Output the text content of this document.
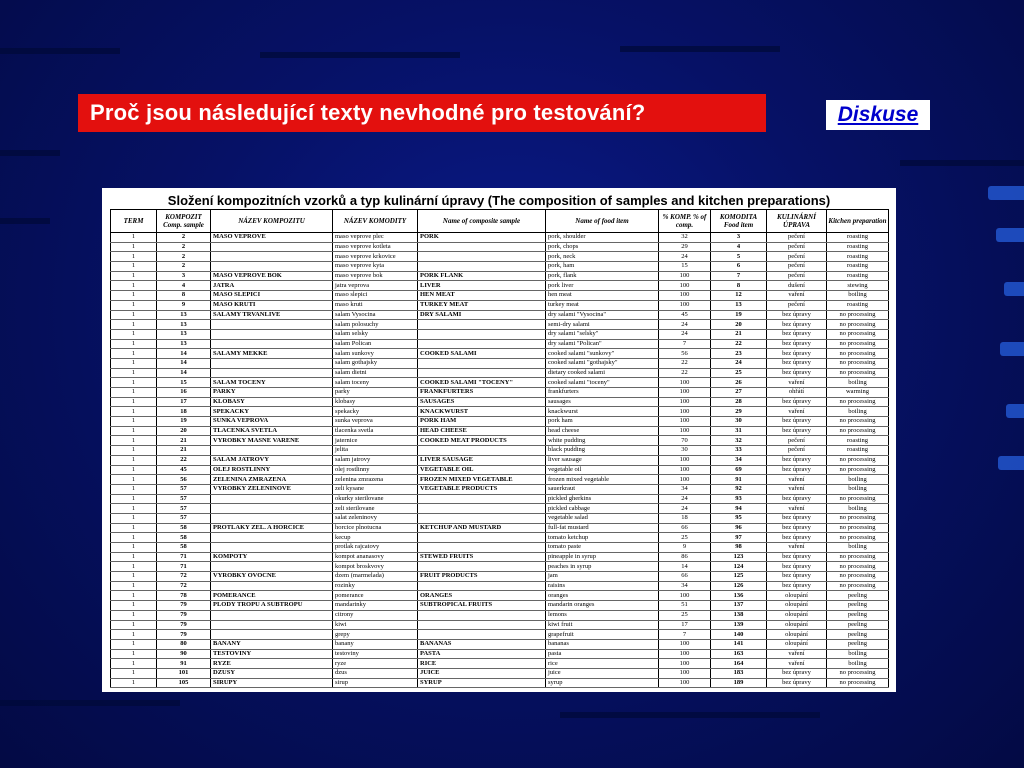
Proč jsou následující texty nevhodné pro testování?	Diskuse
Složení kompozitních vzorků a typ kulinární úpravy (The composition of samples and kitchen preparations)
TERM	KOMPOZIT Comp. sample	NÁZEV KOMPOZITU	NÁZEV KOMODITY	Name of composite sample	Name of food item	% KOMP. % of comp.	KOMODITA Food item	KULINÁRNÍ ÚPRAVA	Kitchen preparation
1	2	MASO VEPROVE	maso veprove plec	PORK	pork, shoulder	32	3	pečení	roasting
1	2		maso veprove kotleta		pork, chops	29	4	pečení	roasting
1	2		maso veprove krkovice		pork, neck	24	5	pečení	roasting
1	2		maso veprove kyta		pork, ham	15	6	pečení	roasting
1	3	MASO VEPROVE BOK	maso veprove bok	PORK FLANK	pork, flank	100	7	pečení	roasting
1	4	JATRA	jatra veprova	LIVER	pork liver	100	8	dušení	stewing
1	8	MASO SLEPICI	maso slepici	HEN MEAT	hen meat	100	12	vaření	boiling
1	9	MASO KRUTI	maso kruti	TURKEY MEAT	turkey meat	100	13	pečení	roasting
1	13	SALAMY TRVANLIVE	salam Vysocina	DRY SALAMI	dry salami "Vysocina"	45	19	bez úpravy	no processing
1	13		salam polosuchy		semi-dry salami	24	20	bez úpravy	no processing
1	13		salam selsky		dry salami "selsky"	24	21	bez úpravy	no processing
1	13		salam Polican		dry salami "Polican"	7	22	bez úpravy	no processing
1	14	SALAMY MEKKE	salam sunkovy	COOKED SALAMI	cooked salami "sunkovy"	56	23	bez úpravy	no processing
1	14		salam gothajsky		cooked salami "gothajsky"	22	24	bez úpravy	no processing
1	14		salam dietni		dietary cooked salami	22	25	bez úpravy	no processing
1	15	SALAM TOCENY	salam toceny	COOKED SALAMI "TOCENY"	cooked salami "toceny"	100	26	vaření	boiling
1	16	PARKY	parky	FRANKFURTERS	frankfurters	100	27	ohřátí	warming
1	17	KLOBASY	klobasy	SAUSAGES	sausages	100	28	bez úpravy	no processing
1	18	SPEKACKY	spekacky	KNACKWURST	knackwurst	100	29	vaření	boiling
1	19	SUNKA VEPROVA	sunka veprova	PORK HAM	pork ham	100	30	bez úpravy	no processing
1	20	TLACENKA SVETLA	tlacenka svetla	HEAD CHEESE	head cheese	100	31	bez úpravy	no processing
1	21	VYROBKY MASNE VARENE	jaternice	COOKED MEAT PRODUCTS	white pudding	70	32	pečení	roasting
1	21		jelita		black pudding	30	33	pečení	roasting
1	22	SALAM JATROVY	salam jatrovy	LIVER SAUSAGE	liver sausage	100	34	bez úpravy	no processing
1	45	OLEJ ROSTLINNY	olej rostlinny	VEGETABLE OIL	vegetable oil	100	69	bez úpravy	no processing
1	56	ZELENINA ZMRAZENA	zelenina zmrazena	FROZEN MIXED VEGETABLE	frozen mixed vegetable	100	91	vaření	boiling
1	57	VYROBKY ZELENINOVE	zeli kysane	VEGETABLE PRODUCTS	sauerkraut	34	92	vaření	boiling
1	57		okurky sterilovane		pickled gherkins	24	93	bez úpravy	no processing
1	57		zeli sterilovane		pickled cabbage	24	94	vaření	boiling
1	57		salat zeleninovy		vegetable salad	18	95	bez úpravy	no processing
1	58	PROTLAKY ZEL. A HORCICE	horcice plnotucna	KETCHUP AND MUSTARD	full-fat mustard	66	96	bez úpravy	no processing
1	58		kecup		tomato ketchup	25	97	bez úpravy	no processing
1	58		protlak rajcatovy		tomato paste	9	98	vaření	boiling
1	71	KOMPOTY	kompot ananasovy	STEWED FRUITS	pineapple in syrup	86	123	bez úpravy	no processing
1	71		kompot broskvovy		peaches in syrup	14	124	bez úpravy	no processing
1	72	VYROBKY OVOCNE	dzem (marmelada)	FRUIT PRODUCTS	jam	66	125	bez úpravy	no processing
1	72		rozinky		raisins	34	126	bez úpravy	no processing
1	78	POMERANCE	pomerance	ORANGES	oranges	100	136	oloupání	peeling
1	79	PLODY TROPU A SUBTROPU	mandarinky	SUBTROPICAL FRUITS	mandarin oranges	51	137	oloupání	peeling
1	79		citrony		lemons	25	138	oloupání	peeling
1	79		kiwi		kiwi fruit	17	139	oloupání	peeling
1	79		grepy		grapefruit	7	140	oloupání	peeling
1	80	BANANY	banany	BANANAS	bananas	100	141	oloupání	peeling
1	90	TESTOVINY	testoviny	PASTA	pasta	100	163	vaření	boiling
1	91	RYZE	ryze	RICE	rice	100	164	vaření	boiling
1	101	DZUSY	dzus	JUICE	juice	100	183	bez úpravy	no processing
1	105	SIRUPY	sirup	SYRUP	syrup	100	189	bez úpravy	no processing
